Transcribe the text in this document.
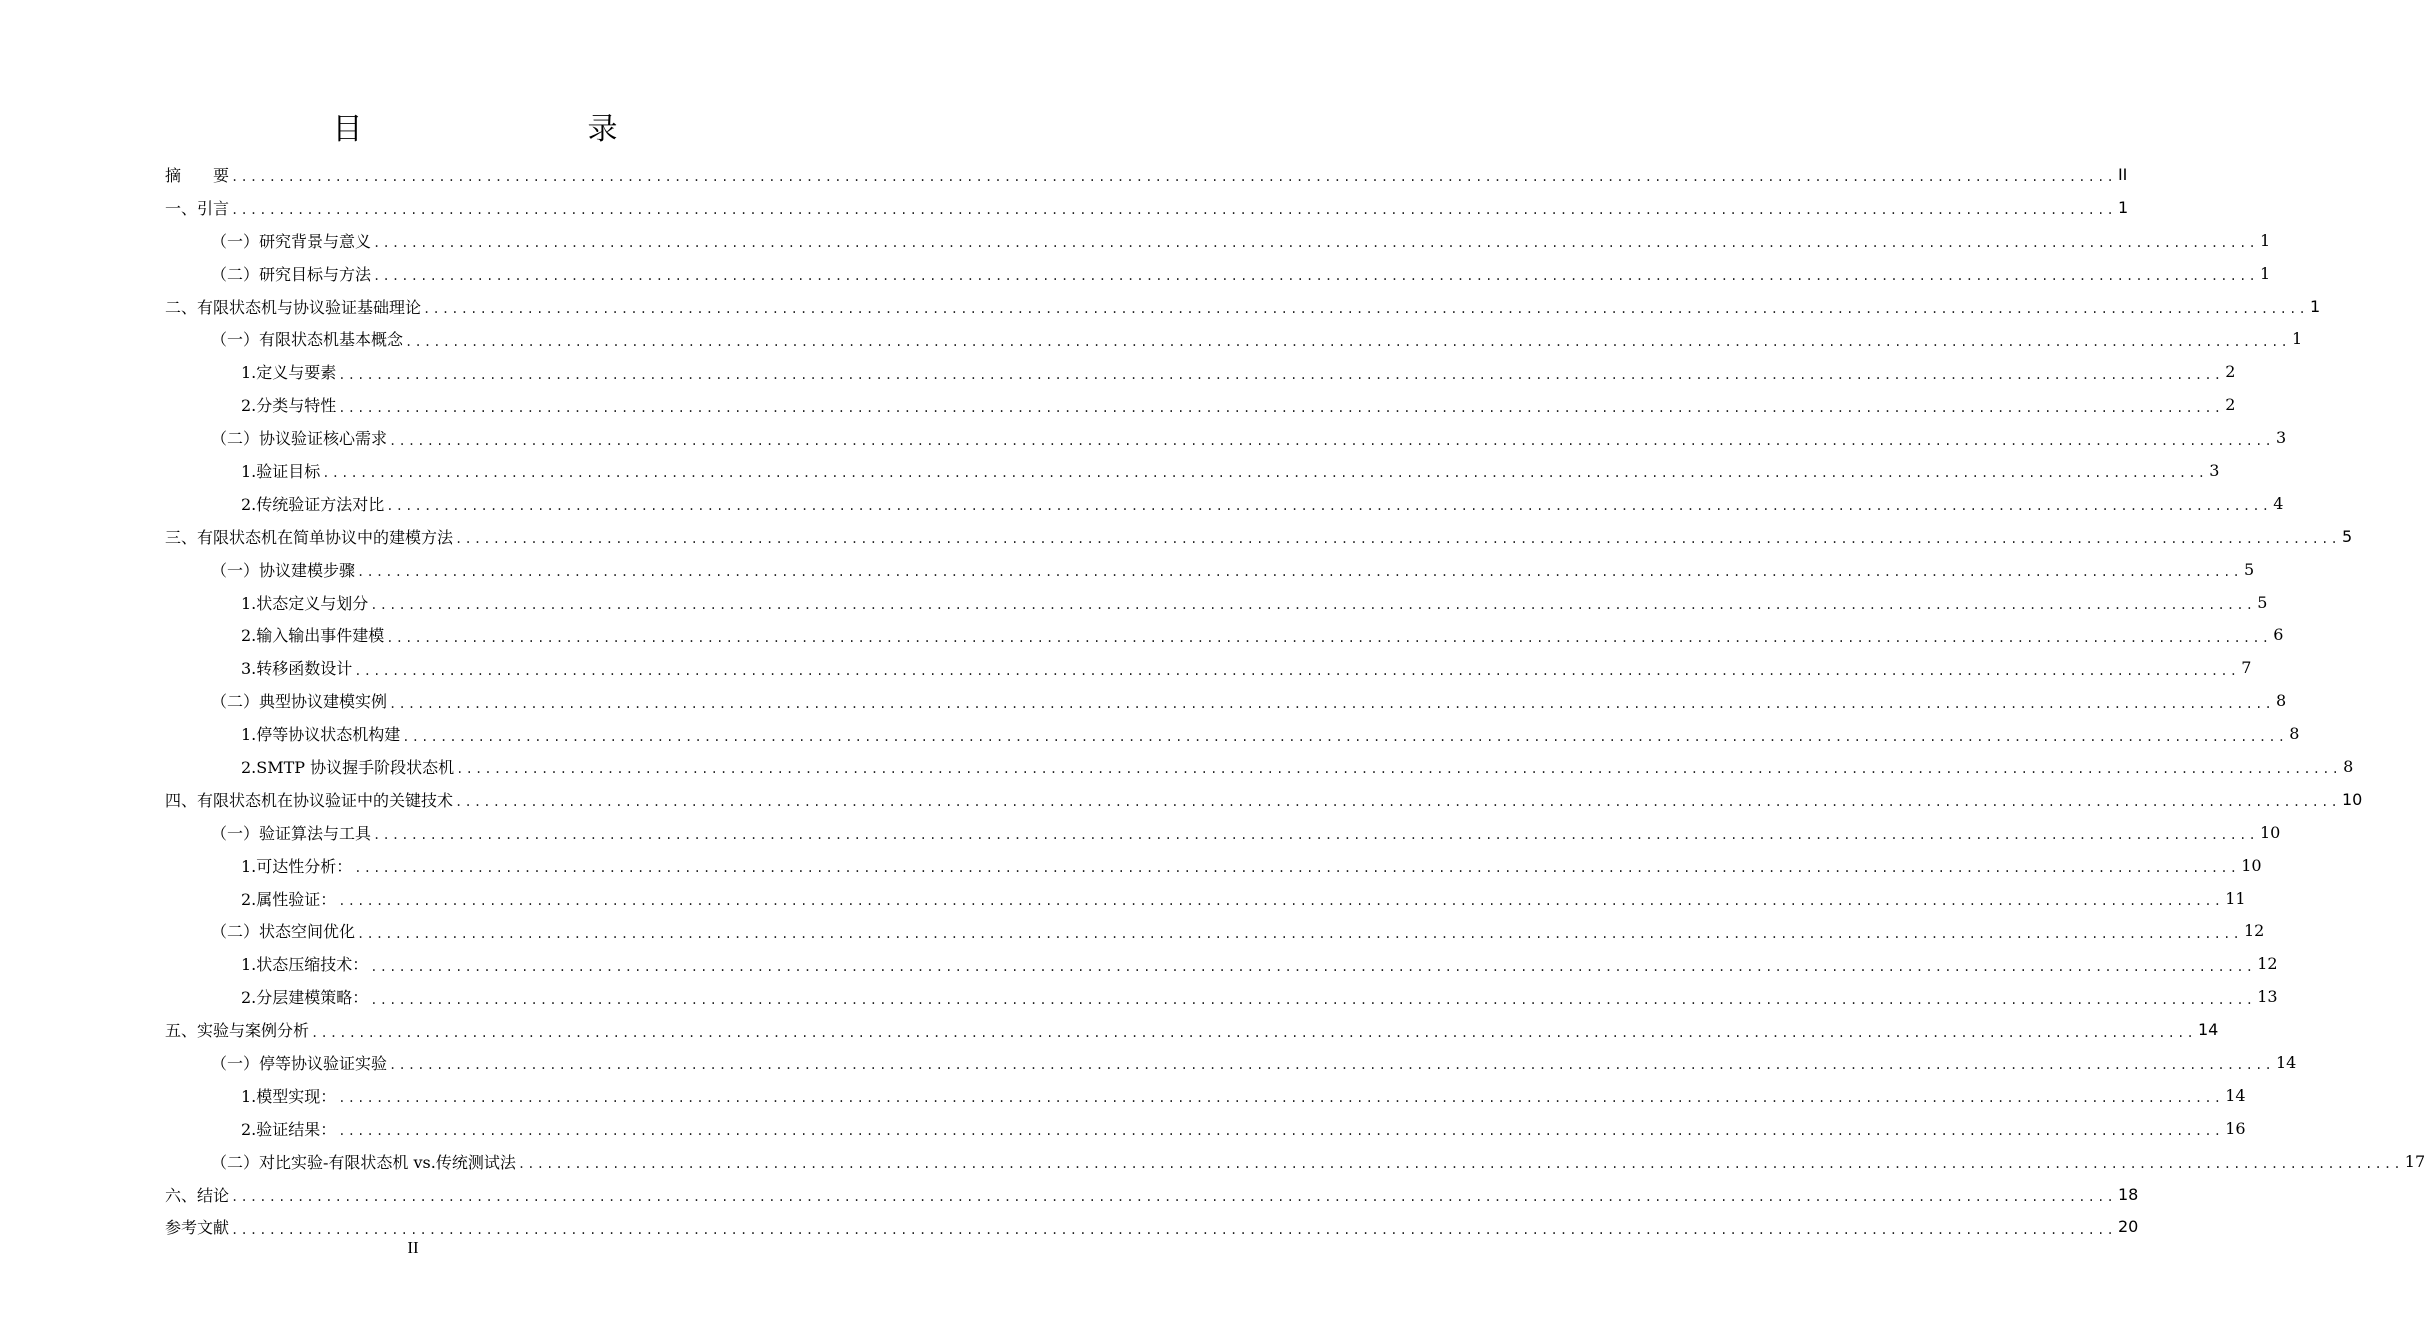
目　　录
摘　　要 ........................................................................................................................................................................................................ II
一、引言 ........................................................................................................................................................................................................ 1
（一）研究背景与意义 ........................................................................................................................................................................................................ 1
（二）研究目标与方法 ........................................................................................................................................................................................................ 1
二、有限状态机与协议验证基础理论 ........................................................................................................................................................................................................ 1
（一）有限状态机基本概念 ........................................................................................................................................................................................................ 1
1.定义与要素 ........................................................................................................................................................................................................ 2
2.分类与特性 ........................................................................................................................................................................................................ 2
（二）协议验证核心需求 ........................................................................................................................................................................................................ 3
1.验证目标 ........................................................................................................................................................................................................ 3
2.传统验证方法对比 ........................................................................................................................................................................................................ 4
三、有限状态机在简单协议中的建模方法 ........................................................................................................................................................................................................ 5
（一）协议建模步骤 ........................................................................................................................................................................................................ 5
1.状态定义与划分 ........................................................................................................................................................................................................ 5
2.输入输出事件建模 ........................................................................................................................................................................................................ 6
3.转移函数设计 ........................................................................................................................................................................................................ 7
（二）典型协议建模实例 ........................................................................................................................................................................................................ 8
1.停等协议状态机构建 ........................................................................................................................................................................................................ 8
2.SMTP 协议握手阶段状态机 ........................................................................................................................................................................................................ 8
四、有限状态机在协议验证中的关键技术 ........................................................................................................................................................................................................ 10
（一）验证算法与工具 ........................................................................................................................................................................................................ 10
1.可达性分析： ........................................................................................................................................................................................................ 10
2.属性验证： ........................................................................................................................................................................................................ 11
（二）状态空间优化 ........................................................................................................................................................................................................ 12
1.状态压缩技术： ........................................................................................................................................................................................................ 12
2.分层建模策略： ........................................................................................................................................................................................................ 13
五、实验与案例分析 ........................................................................................................................................................................................................ 14
（一）停等协议验证实验 ........................................................................................................................................................................................................ 14
1.模型实现： ........................................................................................................................................................................................................ 14
2.验证结果： ........................................................................................................................................................................................................ 16
（二）对比实验-有限状态机 vs.传统测试法 ........................................................................................................................................................................................................ 17
六、结论 ........................................................................................................................................................................................................ 18
参考文献 ........................................................................................................................................................................................................ 20
II
